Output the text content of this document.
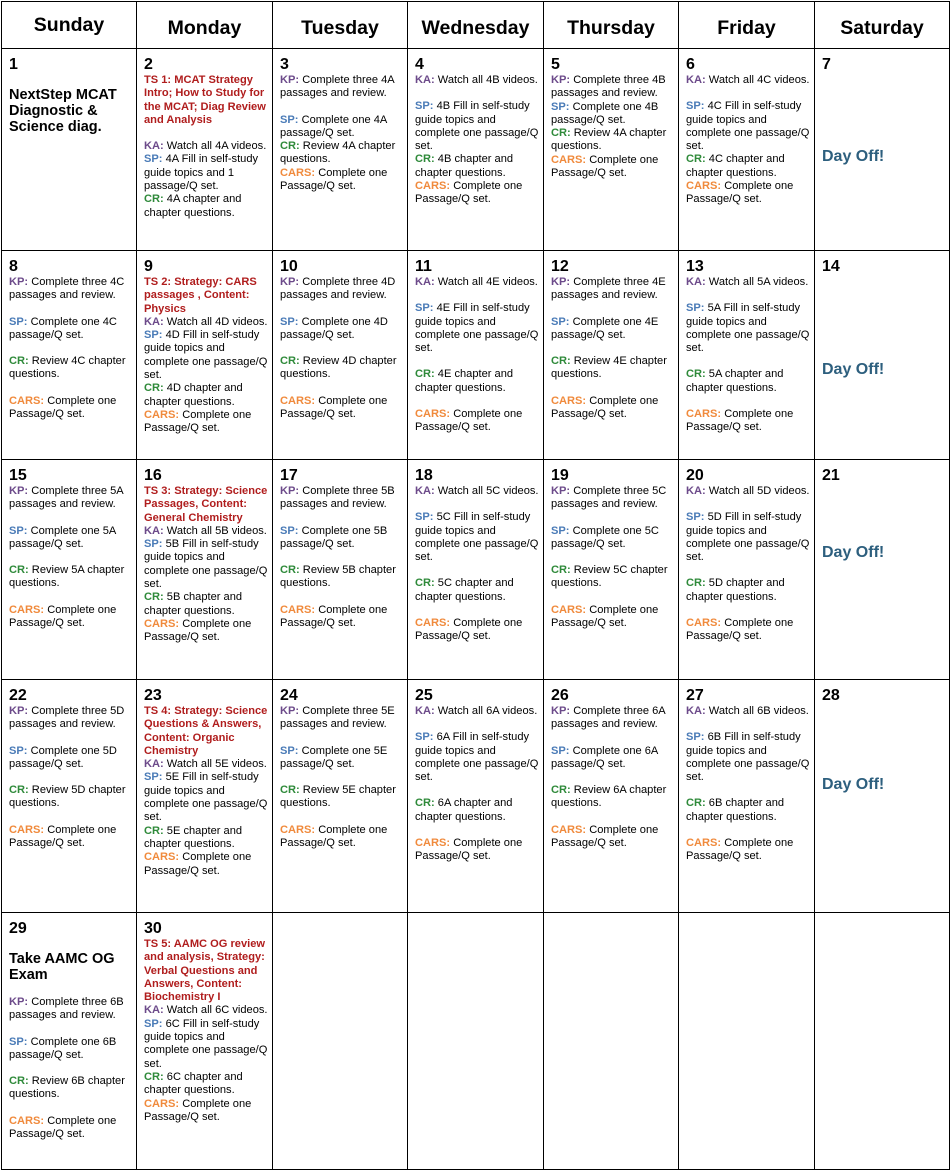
Sunday	Monday	Tuesday	Wednesday	Thursday	Friday	Saturday
1
NextStep MCAT Diagnostic & Science diag.
2
TS 1: MCAT Strategy Intro; How to Study for the MCAT; Diag Review and Analysis
KA: Watch all 4A videos.
SP: 4A Fill in self-study guide topics and 1 passage/Q set.
CR: 4A chapter and chapter questions.
3
KP: Complete three 4A passages and review.
SP: Complete one 4A passage/Q set.
CR: Review 4A chapter questions.
CARS: Complete one Passage/Q set.
4
KA: Watch all 4B videos.
SP: 4B Fill in self-study guide topics and complete one passage/Q set.
CR: 4B chapter and chapter questions.
CARS: Complete one Passage/Q set.
5
KP: Complete three 4B passages and review.
SP: Complete one 4B passage/Q set.
CR: Review 4A chapter questions.
CARS: Complete one Passage/Q set.
6
KA: Watch all 4C videos.
SP: 4C Fill in self-study guide topics and complete one passage/Q set.
CR: 4C chapter and chapter questions.
CARS: Complete one Passage/Q set.
7
Day Off!
8
KP: Complete three 4C passages and review.
SP: Complete one 4C passage/Q set.
CR: Review 4C chapter questions.
CARS: Complete one Passage/Q set.
9
TS 2: Strategy: CARS passages , Content: Physics
KA: Watch all 4D videos.
SP: 4D Fill in self-study guide topics and complete one passage/Q set.
CR: 4D chapter and chapter questions.
CARS: Complete one Passage/Q set.
10
KP: Complete three 4D passages and review.
SP: Complete one 4D passage/Q set.
CR: Review 4D chapter questions.
CARS: Complete one Passage/Q set.
11
KA: Watch all 4E videos.
SP: 4E Fill in self-study guide topics and complete one passage/Q set.
CR: 4E chapter and chapter questions.
CARS: Complete one Passage/Q set.
12
KP: Complete three 4E passages and review.
SP: Complete one 4E passage/Q set.
CR: Review 4E chapter questions.
CARS: Complete one Passage/Q set.
13
KA: Watch all 5A videos.
SP: 5A Fill in self-study guide topics and complete one passage/Q set.
CR: 5A chapter and chapter questions.
CARS: Complete one Passage/Q set.
14
Day Off!
15
KP: Complete three 5A passages and review.
SP: Complete one 5A passage/Q set.
CR: Review 5A chapter questions.
CARS: Complete one Passage/Q set.
16
TS 3: Strategy: Science Passages, Content: General Chemistry
KA: Watch all 5B videos.
SP: 5B Fill in self-study guide topics and complete one passage/Q set.
CR: 5B chapter and chapter questions.
CARS: Complete one Passage/Q set.
17
KP: Complete three 5B passages and review.
SP: Complete one 5B passage/Q set.
CR: Review 5B chapter questions.
CARS: Complete one Passage/Q set.
18
KA: Watch all 5C videos.
SP: 5C Fill in self-study guide topics and complete one passage/Q set.
CR: 5C chapter and chapter questions.
CARS: Complete one Passage/Q set.
19
KP: Complete three 5C passages and review.
SP: Complete one 5C passage/Q set.
CR: Review 5C chapter questions.
CARS: Complete one Passage/Q set.
20
KA: Watch all 5D videos.
SP: 5D Fill in self-study guide topics and complete one passage/Q set.
CR: 5D chapter and chapter questions.
CARS: Complete one Passage/Q set.
21
Day Off!
22
KP: Complete three 5D passages and review.
SP: Complete one 5D passage/Q set.
CR: Review 5D chapter questions.
CARS: Complete one Passage/Q set.
23
TS 4: Strategy: Science Questions & Answers, Content: Organic Chemistry
KA: Watch all 5E videos.
SP: 5E Fill in self-study guide topics and complete one passage/Q set.
CR: 5E chapter and chapter questions.
CARS: Complete one Passage/Q set.
24
KP: Complete three 5E passages and review.
SP: Complete one 5E passage/Q set.
CR: Review 5E chapter questions.
CARS: Complete one Passage/Q set.
25
KA: Watch all 6A videos.
SP: 6A Fill in self-study guide topics and complete one passage/Q set.
CR: 6A chapter and chapter questions.
CARS: Complete one Passage/Q set.
26
KP: Complete three 6A passages and review.
SP: Complete one 6A passage/Q set.
CR: Review 6A chapter questions.
CARS: Complete one Passage/Q set.
27
KA: Watch all 6B videos.
SP: 6B Fill in self-study guide topics and complete one passage/Q set.
CR: 6B chapter and chapter questions.
CARS: Complete one Passage/Q set.
28
Day Off!
29
Take AAMC OG Exam
KP: Complete three 6B passages and review.
SP: Complete one 6B passage/Q set.
CR: Review 6B chapter questions.
CARS: Complete one Passage/Q set.
30
TS 5: AAMC OG review and analysis, Strategy: Verbal Questions and Answers, Content: Biochemistry I
KA: Watch all 6C videos.
SP: 6C Fill in self-study guide topics and complete one passage/Q set.
CR: 6C chapter and chapter questions.
CARS: Complete one Passage/Q set.
